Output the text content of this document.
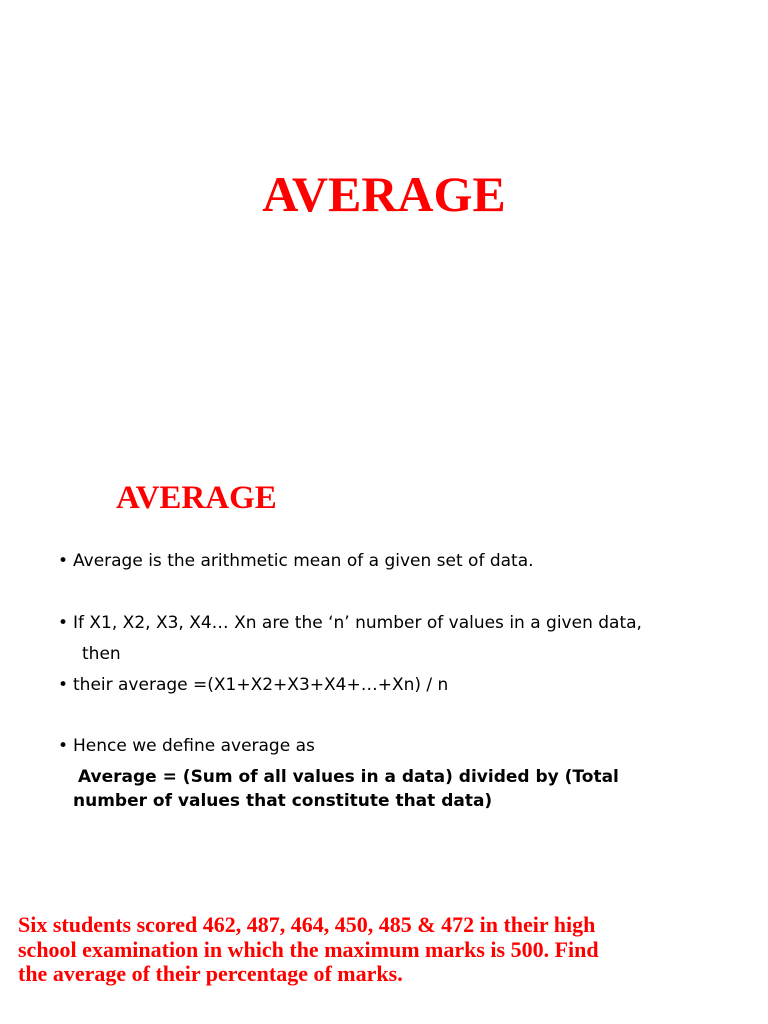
AVERAGE
AVERAGE
• Average is the arithmetic mean of a given set of data.
• If X1, X2, X3, X4… Xn are the ‘n’ number of values in a given data,
then
• their average =(X1+X2+X3+X4+…+Xn) / n
• Hence we define average as
Average = (Sum of all values in a data) divided by (Total number of values that constitute that data)
Six students scored 462, 487, 464, 450, 485 & 472 in their high school examination in which the maximum marks is 500. Find the average of their percentage of marks.
